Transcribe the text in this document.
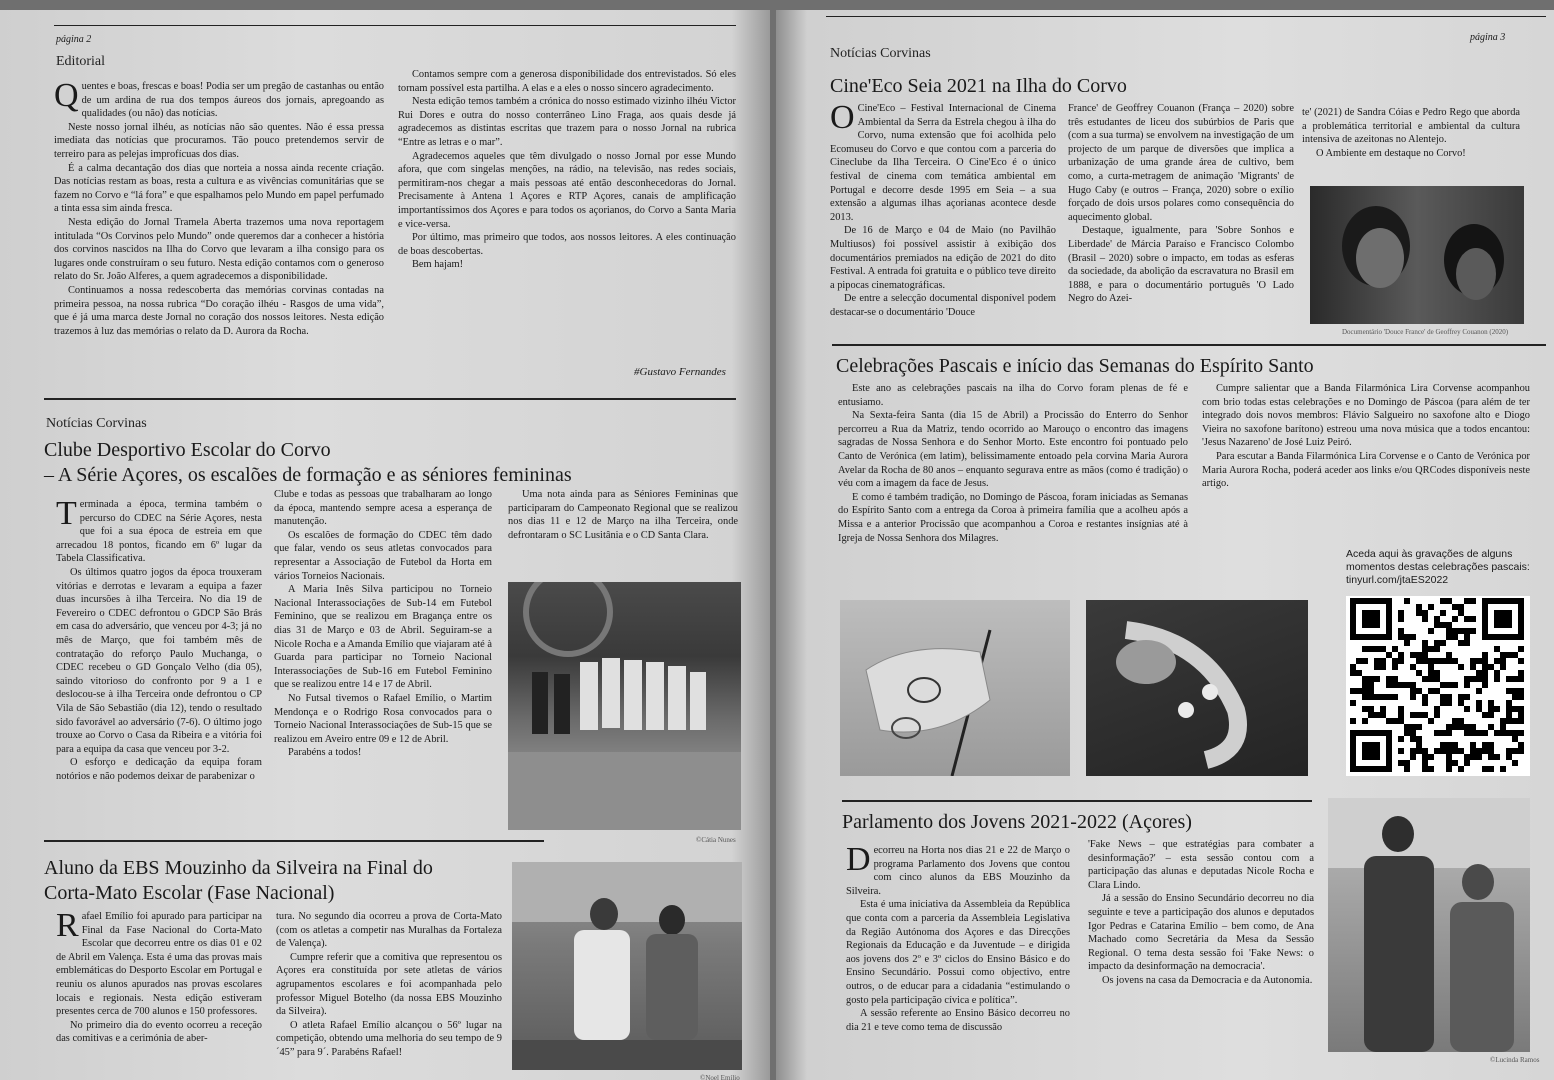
página 2
Editorial
Q uentes e boas, frescas e boas! Podia ser um pregão de castanhas ou então de um ardina de rua dos tempos áureos dos jornais, apregoando as qualidades (ou não) das notícias.

Neste nosso jornal ilhéu, as notícias não são quentes. Não é essa pressa imediata das notícias que procuramos. Tão pouco pretendemos servir de terreiro para as pelejas improfícuas dos dias.

É a calma decantação dos dias que norteia a nossa ainda recente criação. Das notícias restam as boas, resta a cultura e as vivências comunitárias que se fazem no Corvo e “lá fora” e que espalhamos pelo Mundo em papel perfumado a tinta essa sim ainda fresca.

Nesta edição do Jornal Tramela Aberta trazemos uma nova reportagem intitulada “Os Corvinos pelo Mundo” onde queremos dar a conhecer a história dos corvinos nascidos na Ilha do Corvo que levaram a ilha consigo para os lugares onde construíram o seu futuro. Nesta edição contamos com o generoso relato do Sr. João Alferes, a quem agradecemos a disponibilidade.

Continuamos a nossa redescoberta das memórias corvinas contadas na primeira pessoa, na nossa rubrica “Do coração ilhéu - Rasgos de uma vida”, que é já uma marca deste Jornal no coração dos nossos leitores. Nesta edição trazemos à luz das memórias o relato da D. Aurora da Rocha.

Contamos sempre com a generosa disponibilidade dos entrevistados. Só eles tornam possível esta partilha. A elas e a eles o nosso sincero agradecimento.

Nesta edição temos também a crónica do nosso estimado vizinho ilhéu Victor Rui Dores e outra do nosso conterrâneo Lino Fraga, aos quais desde já agradecemos as distintas escritas que trazem para o nosso Jornal na rubrica “Entre as letras e o mar”.

Agradecemos aqueles que têm divulgado o nosso Jornal por esse Mundo afora, que com singelas menções, na rádio, na televisão, nas redes sociais, permitiram-nos chegar a mais pessoas até então desconhecedoras do Jornal. Precisamente à Antena 1 Açores e RTP Açores, canais de amplificação importantíssimos dos Açores e para todos os açorianos, do Corvo a Santa Maria e vice-versa.

Por último, mas primeiro que todos, aos nossos leitores. A eles continuação de boas descobertas.

Bem hajam!

#Gustavo Fernandes
Notícias Corvinas
Clube Desportivo Escolar do Corvo
– A Série Açores, os escalões de formação e as séniores femininas
T erminada a época, termina também o percurso do CDEC na Série Açores, nesta que foi a sua época de estreia em que arrecadou 18 pontos, ficando em 6º lugar da Tabela Classificativa.

Os últimos quatro jogos da época trouxeram vitórias e derrotas e levaram a equipa a fazer duas incursões à ilha Terceira. No dia 19 de Fevereiro o CDEC defrontou o GDCP São Brás em casa do adversário, que venceu por 4-3; já no mês de Março, que foi também mês de contratação do reforço Paulo Muchanga, o CDEC recebeu o GD Gonçalo Velho (dia 05), saindo vitorioso do confronto por 9 a 1 e deslocou-se à ilha Terceira onde defrontou o CP Vila de São Sebastião (dia 12), tendo o resultado sido favorável ao adversário (7-6). O último jogo trouxe ao Corvo o Casa da Ribeira e a vitória foi para a equipa da casa que venceu por 3-2.

O esforço e dedicação da equipa foram notórios e não podemos deixar de parabenizar o

Clube e todas as pessoas que trabalharam ao longo da época, mantendo sempre acesa a esperança de manutenção.

Os escalões de formação do CDEC têm dado que falar, vendo os seus atletas convocados para representar a Associação de Futebol da Horta em vários Torneios Nacionais.

A Maria Inês Silva participou no Torneio Nacional Interassociações de Sub-14 em Futebol Feminino, que se realizou em Bragança entre os dias 31 de Março e 03 de Abril. Seguiram-se a Nicole Rocha e a Amanda Emílio que viajaram até à Guarda para participar no Torneio Nacional Interassociações de Sub-16 em Futebol Feminino que se realizou entre 14 e 17 de Abril.

No Futsal tivemos o Rafael Emílio, o Martim Mendonça e o Rodrigo Rosa convocados para o Torneio Nacional Interassociações de Sub-15 que se realizou em Aveiro entre 09 e 12 de Abril.

Parabéns a todos!

Uma nota ainda para as Séniores Femininas que participaram do Campeonato Regional que se realizou nos dias 11 e 12 de Março na ilha Terceira, onde defrontaram o SC Lusitânia e o CD Santa Clara.

©Cátia Nunes
Aluno da EBS Mouzinho da Silveira na Final do
Corta-Mato Escolar (Fase Nacional)
R afael Emílio foi apurado para participar na Final da Fase Nacional do Corta-Mato Escolar que decorreu entre os dias 01 e 02 de Abril em Valença. Esta é uma das provas mais emblemáticas do Desporto Escolar em Portugal e reuniu os alunos apurados nas provas escolares locais e regionais. Nesta edição estiveram presentes cerca de 700 alunos e 150 professores.

No primeiro dia do evento ocorreu a receção das comitivas e a cerimónia de aber-

tura. No segundo dia ocorreu a prova de Corta-Mato (com os atletas a competir nas Muralhas da Fortaleza de Valença).

Cumpre referir que a comitiva que representou os Açores era constituída por sete atletas de vários agrupamentos escolares e foi acompanhada pelo professor Miguel Botelho (da nossa EBS Mouzinho da Silveira).

O atleta Rafael Emílio alcançou o 56º lugar na competição, obtendo uma melhoria do seu tempo de 9´45” para 9´. Parabéns Rafael!

©Noel Emílio
página 3
Notícias Corvinas
Cine'Eco Seia 2021 na Ilha do Corvo
O Cine'Eco – Festival Internacional de Cinema Ambiental da Serra da Estrela chegou à ilha do Corvo, numa extensão que foi acolhida pelo Ecomuseu do Corvo e que contou com a parceria do Cineclube da Ilha Terceira. O Cine'Eco é o único festival de cinema com temática ambiental em Portugal e decorre desde 1995 em Seia – a sua extensão a algumas ilhas açorianas acontece desde 2013.

De 16 de Março e 04 de Maio (no Pavilhão Multiusos) foi possível assistir à exibição dos documentários premiados na edição de 2021 do dito Festival. A entrada foi gratuita e o público teve direito a pipocas cinematográficas.

De entre a selecção documental disponível podem destacar-se o documentário 'Douce

France' de Geoffrey Couanon (França – 2020) sobre três estudantes de liceu dos subúrbios de Paris que (com a sua turma) se envolvem na investigação de um projecto de um parque de diversões que implica a urbanização de uma grande área de cultivo, bem como, a curta-metragem de animação 'Migrants' de Hugo Caby (e outros – França, 2020) sobre o exílio forçado de dois ursos polares como consequência do aquecimento global.

Destaque, igualmente, para 'Sobre Sonhos e Liberdade' de Márcia Paraíso e Francisco Colombo (Brasil – 2020) sobre o impacto, em todas as esferas da sociedade, da abolição da escravatura no Brasil em 1888, e para o documentário português 'O Lado Negro do Azei-

te' (2021) de Sandra Cóias e Pedro Rego que aborda a problemática territorial e ambiental da cultura intensiva de azeitonas no Alentejo.

O Ambiente em destaque no Corvo!

Documentário 'Douce France' de Geoffrey Couanon (2020)
Celebrações Pascais e início das Semanas do Espírito Santo

Este ano as celebrações pascais na ilha do Corvo foram plenas de fé e entusiamo.

Na Sexta-feira Santa (dia 15 de Abril) a Procissão do Enterro do Senhor percorreu a Rua da Matriz, tendo ocorrido ao Marouço o encontro das imagens sagradas de Nossa Senhora e do Senhor Morto. Este encontro foi pontuado pelo Canto de Verónica (em latim), belissimamente entoado pela corvina Maria Aurora Avelar da Rocha de 80 anos – enquanto segurava entre as mãos (como é tradição) o véu com a imagem da face de Jesus.

E como é também tradição, no Domingo de Páscoa, foram iniciadas as Semanas do Espírito Santo com a entrega da Coroa à primeira família que a acolheu após a Missa e a anterior Procissão que acompanhou a Coroa e restantes insígnias até à Igreja de Nossa Senhora dos Milagres.

Cumpre salientar que a Banda Filarmónica Lira Corvense acompanhou com brio todas estas celebrações e no Domingo de Páscoa (para além de ter integrado dois novos membros: Flávio Salgueiro no saxofone alto e Diogo Vieira no saxofone barítono) estreou uma nova música que a todos encantou: 'Jesus Nazareno' de José Luiz Peiró.

Para escutar a Banda Filarmónica Lira Corvense e o Canto de Verónica por Maria Aurora Rocha, poderá aceder aos links e/ou QRCodes disponíveis neste artigo.

Aceda aqui às gravações de alguns momentos destas celebrações pascais:
tinyurl.com/jtaES2022
Parlamento dos Jovens 2021-2022 (Açores)
D ecorreu na Horta nos dias 21 e 22 de Março o programa Parlamento dos Jovens que contou com cinco alunos da EBS Mouzinho da Silveira.

Esta é uma iniciativa da Assembleia da República que conta com a parceria da Assembleia Legislativa da Região Autónoma dos Açores e das Direcções Regionais da Educação e da Juventude – e dirigida aos jovens dos 2º e 3º ciclos do Ensino Básico e do Ensino Secundário. Possui como objectivo, entre outros, o de educar para a cidadania “estimulando o gosto pela participação cívica e política”.

A sessão referente ao Ensino Básico decorreu no dia 21 e teve como tema de discussão

'Fake News – que estratégias para combater a desinformação?' – esta sessão contou com a participação das alunas e deputadas Nicole Rocha e Clara Lindo.

Já a sessão do Ensino Secundário decorreu no dia seguinte e teve a participação dos alunos e deputados Igor Pedras e Catarina Emílio – bem como, de Ana Machado como Secretária da Mesa da Sessão Regional. O tema desta sessão foi 'Fake News: o impacto da desinformação na democracia'.

Os jovens na casa da Democracia e da Autonomia.

©Lucinda Ramos
